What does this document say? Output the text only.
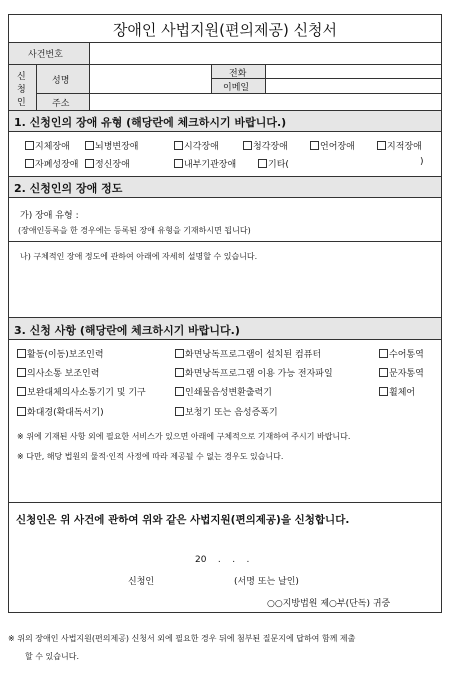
장애인 사법지원(편의제공) 신청서
사건번호
신
청
인
성명
전화
이메일
주소
1. 신청인의 장애 유형 (해당란에 체크하시기 바랍니다.)
지체장애	뇌병변장애	시각장애	청각장애	언어장애	지적장애
자폐성장애	정신장애	내부기관장애	기타(	)
2. 신청인의 장애 정도
가) 장애 유형 :
(장애인등록을 한 경우에는 등록된 장애 유형을 기재하시면 됩니다)
나) 구체적인 장애 정도에 관하여 아래에 자세히 설명할 수 있습니다.
3. 신청 사항 (해당란에 체크하시기 바랍니다.)
활동(이동)보조인력
의사소통 보조인력
보완대체의사소통기기 및 기구
화대경(확대독서기)
화면낭독프로그램이 설치된 컴퓨터
화면낭독프로그램 이용 가능 전자파일
인쇄물음성변환출력기
보청기 또는 음성증폭기
수어통역
문자통역
휠체어
※ 위에 기재된 사항 외에 필요한 서비스가 있으면 아래에 구체적으로 기재하여 주시기 바랍니다.
※ 다만, 해당 법원의 물적·인적 사정에 따라 제공될 수 없는 경우도 있습니다.
신청인은 위 사건에 관하여 위와 같은 사법지원(편의제공)을 신청합니다.
20    .    .    .
신청인	(서명 또는 날인)
○○지방법원 제○부(단독) 귀중
※ 위의 장애인 사법지원(편의제공) 신청서 외에 필요한 경우 뒤에 첨부된 질문지에 답하여 함께 제출
할 수 있습니다.
